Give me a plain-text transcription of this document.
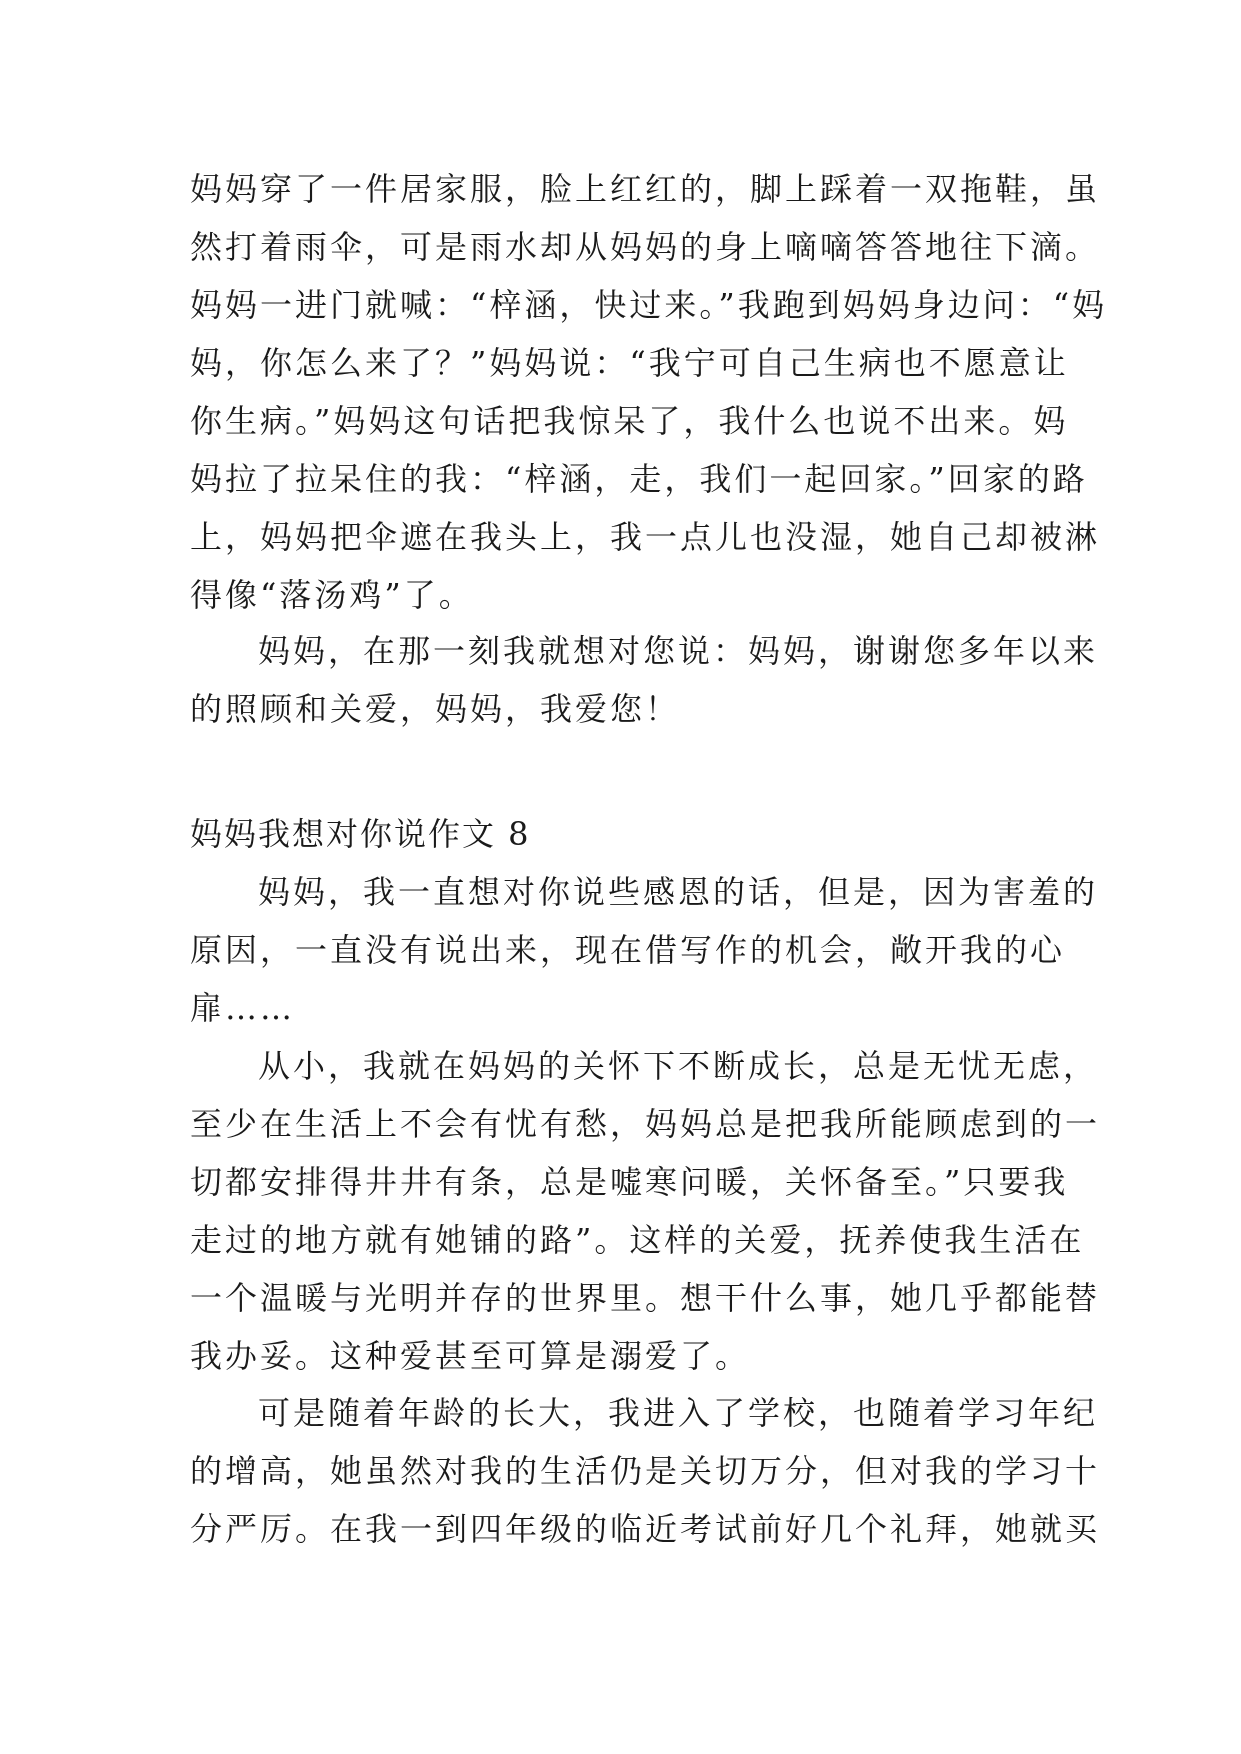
妈妈穿了一件居家服，脸上红红的，脚上踩着一双拖鞋，虽
然打着雨伞，可是雨水却从妈妈的身上嘀嘀答答地往下滴。
妈妈一进门就喊：“梓涵，快过来。”我跑到妈妈身边问：“妈
妈，你怎么来了？”妈妈说：“我宁可自己生病也不愿意让
你生病。”妈妈这句话把我惊呆了，我什么也说不出来。妈
妈拉了拉呆住的我：“梓涵，走，我们一起回家。”回家的路
上，妈妈把伞遮在我头上，我一点儿也没湿，她自己却被淋
得像“落汤鸡”了。
妈妈，在那一刻我就想对您说：妈妈，谢谢您多年以来
的照顾和关爱，妈妈，我爱您！
妈妈我想对你说作文 8
妈妈，我一直想对你说些感恩的话，但是，因为害羞的
原因，一直没有说出来，现在借写作的机会，敞开我的心
扉……
从小，我就在妈妈的关怀下不断成长，总是无忧无虑，
至少在生活上不会有忧有愁，妈妈总是把我所能顾虑到的一
切都安排得井井有条，总是嘘寒问暖，关怀备至。”只要我
走过的地方就有她铺的路”。这样的关爱，抚养使我生活在
一个温暖与光明并存的世界里。想干什么事，她几乎都能替
我办妥。这种爱甚至可算是溺爱了。
可是随着年龄的长大，我进入了学校，也随着学习年纪
的增高，她虽然对我的生活仍是关切万分，但对我的学习十
分严厉。在我一到四年级的临近考试前好几个礼拜，她就买
